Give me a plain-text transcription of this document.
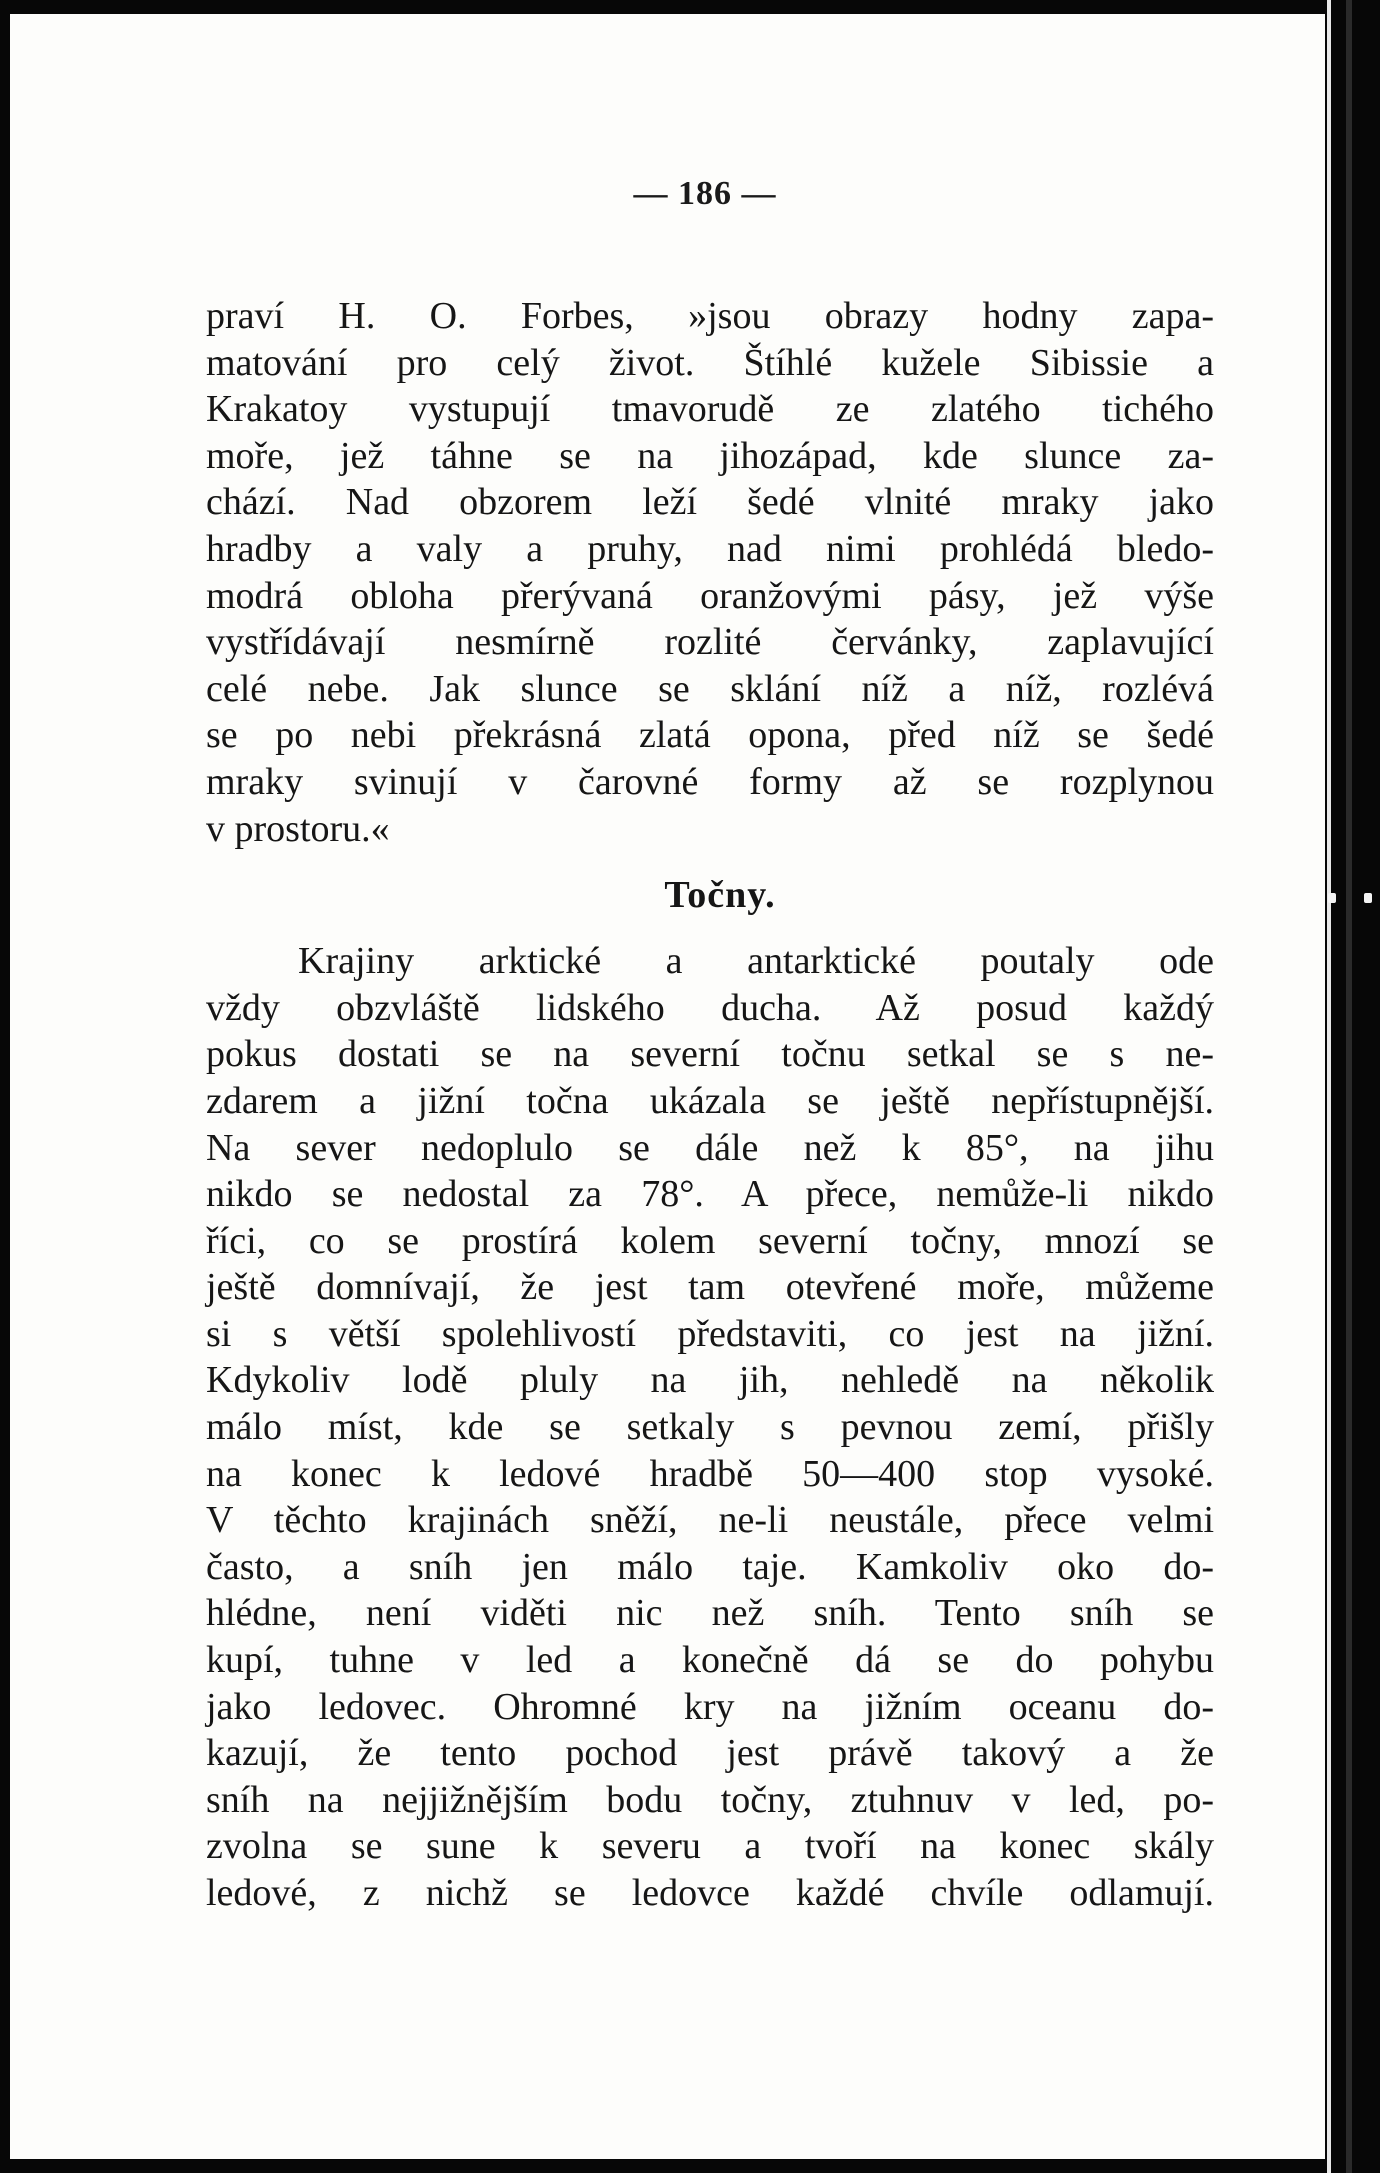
— 186 —
praví H. O. Forbes, »jsou obrazy hodny zapa-
matování pro celý život. Štíhlé kužele Sibissie a
Krakatoy vystupují tmavorudě ze zlatého tichého
moře, jež táhne se na jihozápad, kde slunce za-
chází. Nad obzorem leží šedé vlnité mraky jako
hradby a valy a pruhy, nad nimi prohlédá bledo-
modrá obloha přerývaná oranžovými pásy, jež výše
vystřídávají nesmírně rozlité červánky, zaplavující
celé nebe. Jak slunce se sklání níž a níž, rozlévá
se po nebi překrásná zlatá opona, před níž se šedé
mraky svinují v čarovné formy až se rozplynou
v prostoru.«
Točny.
Krajiny arktické a antarktické poutaly ode
vždy obzvláště lidského ducha. Až posud každý
pokus dostati se na severní točnu setkal se s ne-
zdarem a jižní točna ukázala se ještě nepřístupnější.
Na sever nedoplulo se dále než k 85°, na jihu
nikdo se nedostal za 78°. A přece, nemůže-li nikdo
říci, co se prostírá kolem severní točny, mnozí se
ještě domnívají, že jest tam otevřené moře, můžeme
si s větší spolehlivostí představiti, co jest na jižní.
Kdykoliv lodě pluly na jih, nehledě na několik
málo míst, kde se setkaly s pevnou zemí, přišly
na konec k ledové hradbě 50—400 stop vysoké.
V těchto krajinách sněží, ne-li neustále, přece velmi
často, a sníh jen málo taje. Kamkoliv oko do-
hlédne, není viděti nic než sníh. Tento sníh se
kupí, tuhne v led a konečně dá se do pohybu
jako ledovec. Ohromné kry na jižním oceanu do-
kazují, že tento pochod jest právě takový a že
sníh na nejjižnějším bodu točny, ztuhnuv v led, po-
zvolna se sune k severu a tvoří na konec skály
ledové, z nichž se ledovce každé chvíle odlamují.
